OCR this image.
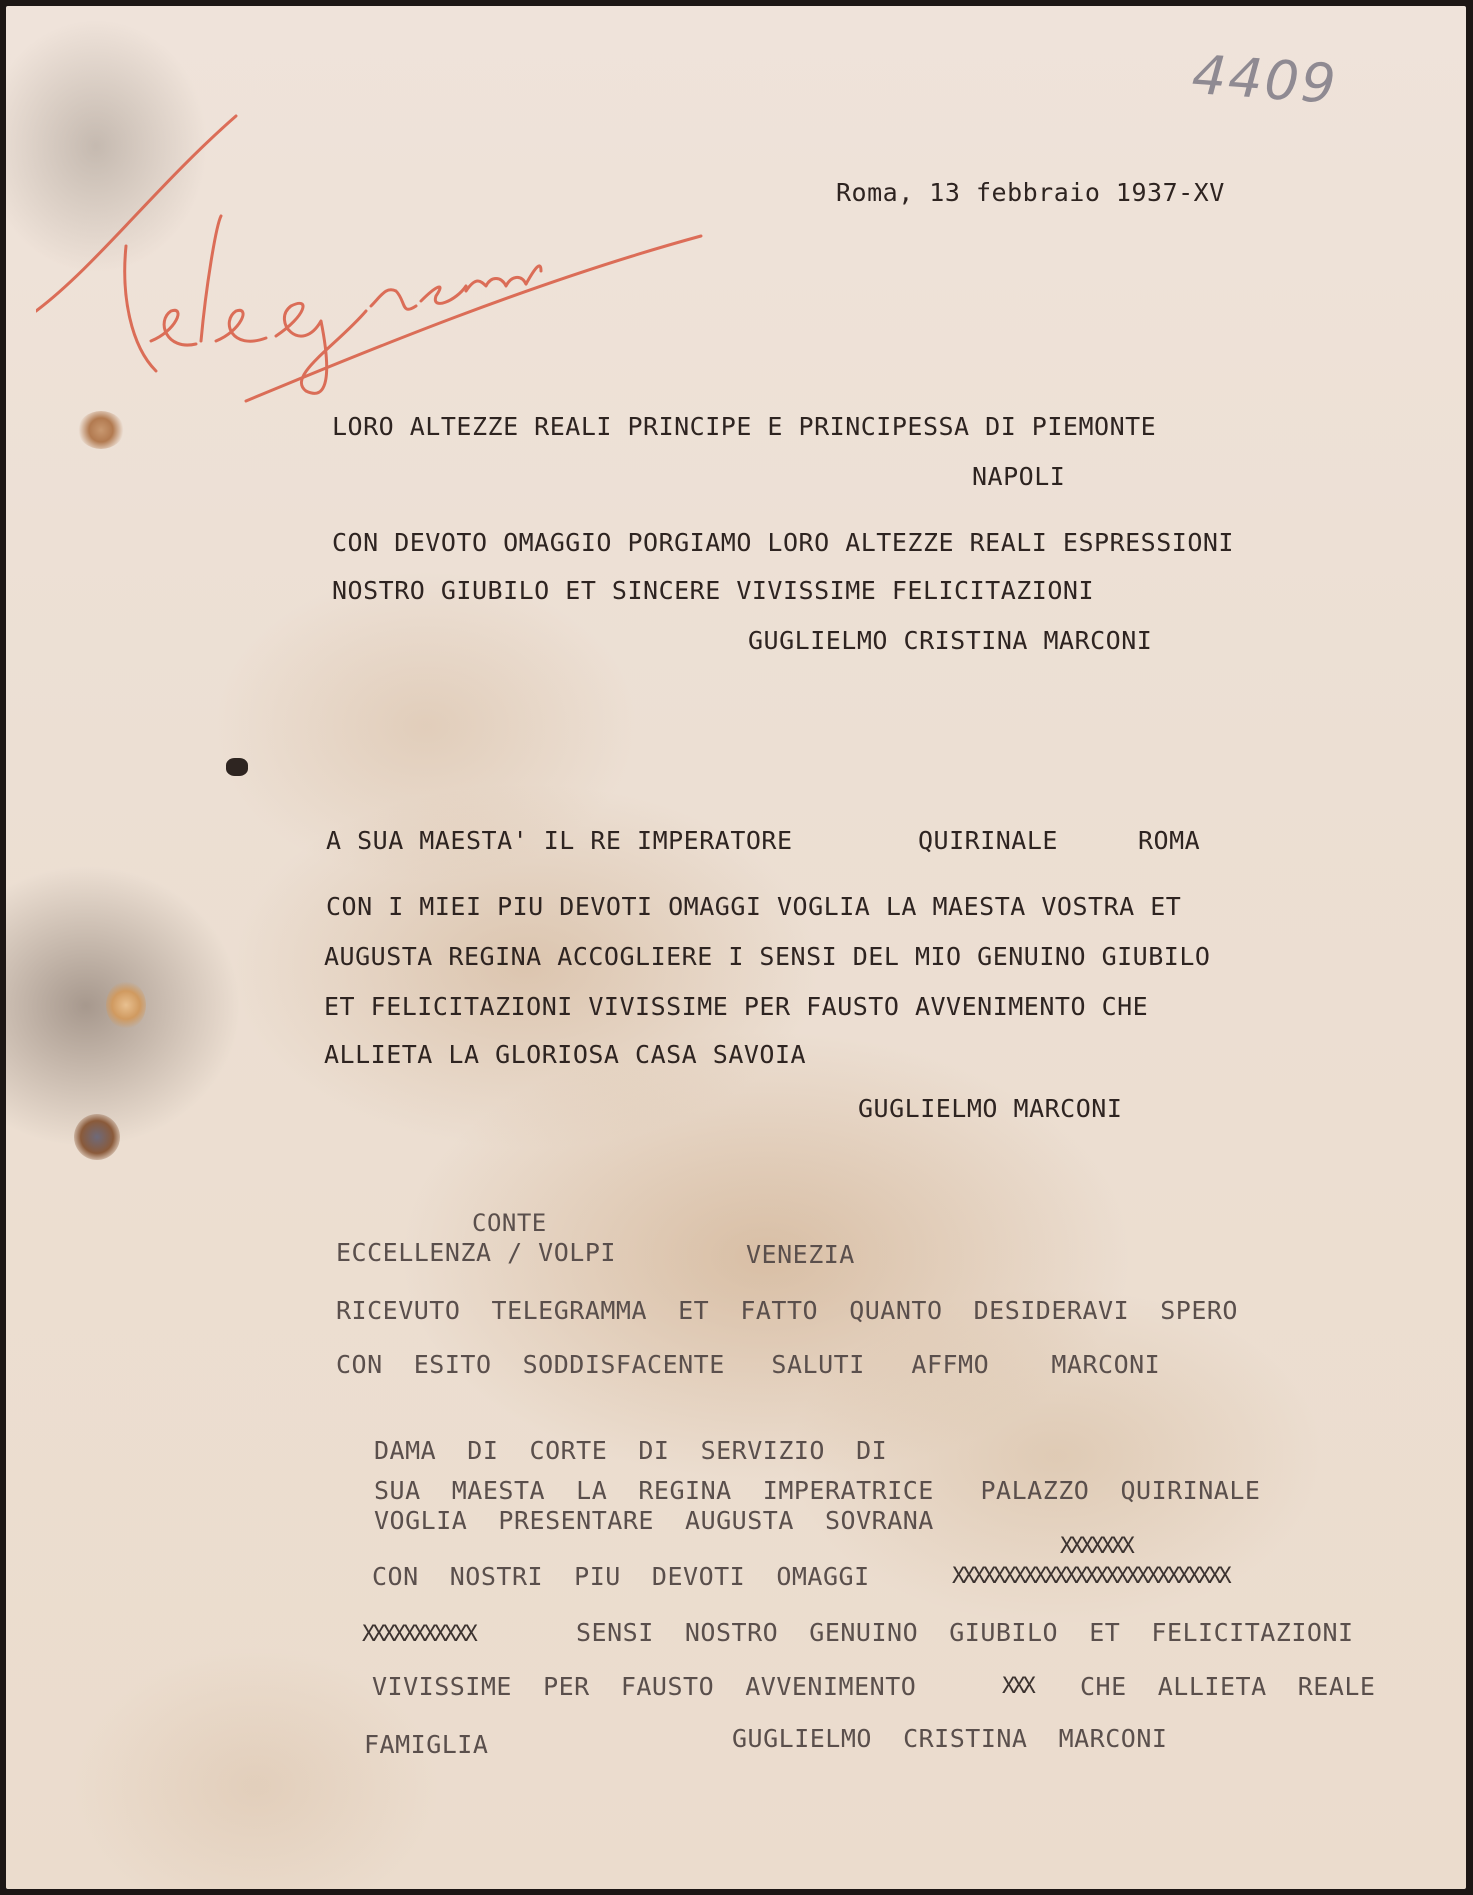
4409
Roma, 13 febbraio 1937-XV
LORO ALTEZZE REALI PRINCIPE E PRINCIPESSA DI PIEMONTE
NAPOLI
CON DEVOTO OMAGGIO PORGIAMO LORO ALTEZZE REALI ESPRESSIONI
NOSTRO GIUBILO ET SINCERE VIVISSIME FELICITAZIONI
GUGLIELMO CRISTINA MARCONI
A SUA MAESTA' IL RE IMPERATORE	QUIRINALE	ROMA
CON I MIEI PIU DEVOTI OMAGGI VOGLIA LA MAESTA VOSTRA ET
AUGUSTA REGINA ACCOGLIERE I SENSI DEL MIO GENUINO GIUBILO
ET FELICITAZIONI VIVISSIME PER FAUSTO AVVENIMENTO CHE
ALLIETA LA GLORIOSA CASA SAVOIA
GUGLIELMO MARCONI
CONTE
ECCELLENZA / VOLPI	VENEZIA
RICEVUTO  TELEGRAMMA  ET  FATTO  QUANTO  DESIDERAVI  SPERO
CON  ESITO  SODDISFACENTE   SALUTI   AFFMO    MARCONI
DAMA  DI  CORTE  DI  SERVIZIO  DI
SUA  MAESTA  LA  REGINA  IMPERATRICE   PALAZZO  QUIRINALE
VOGLIA  PRESENTARE  AUGUSTA  SOVRANA
XXXXXXX
CON  NOSTRI  PIU  DEVOTI  OMAGGI	XXXXXXXXXXXXXXXXXXXXXXXXXXX
XXXXXXXXXXX	SENSI  NOSTRO  GENUINO  GIUBILO  ET  FELICITAZIONI
VIVISSIME  PER  FAUSTO  AVVENIMENTO	XXX CHE  ALLIETA  REALE
FAMIGLIA	GUGLIELMO  CRISTINA  MARCONI
